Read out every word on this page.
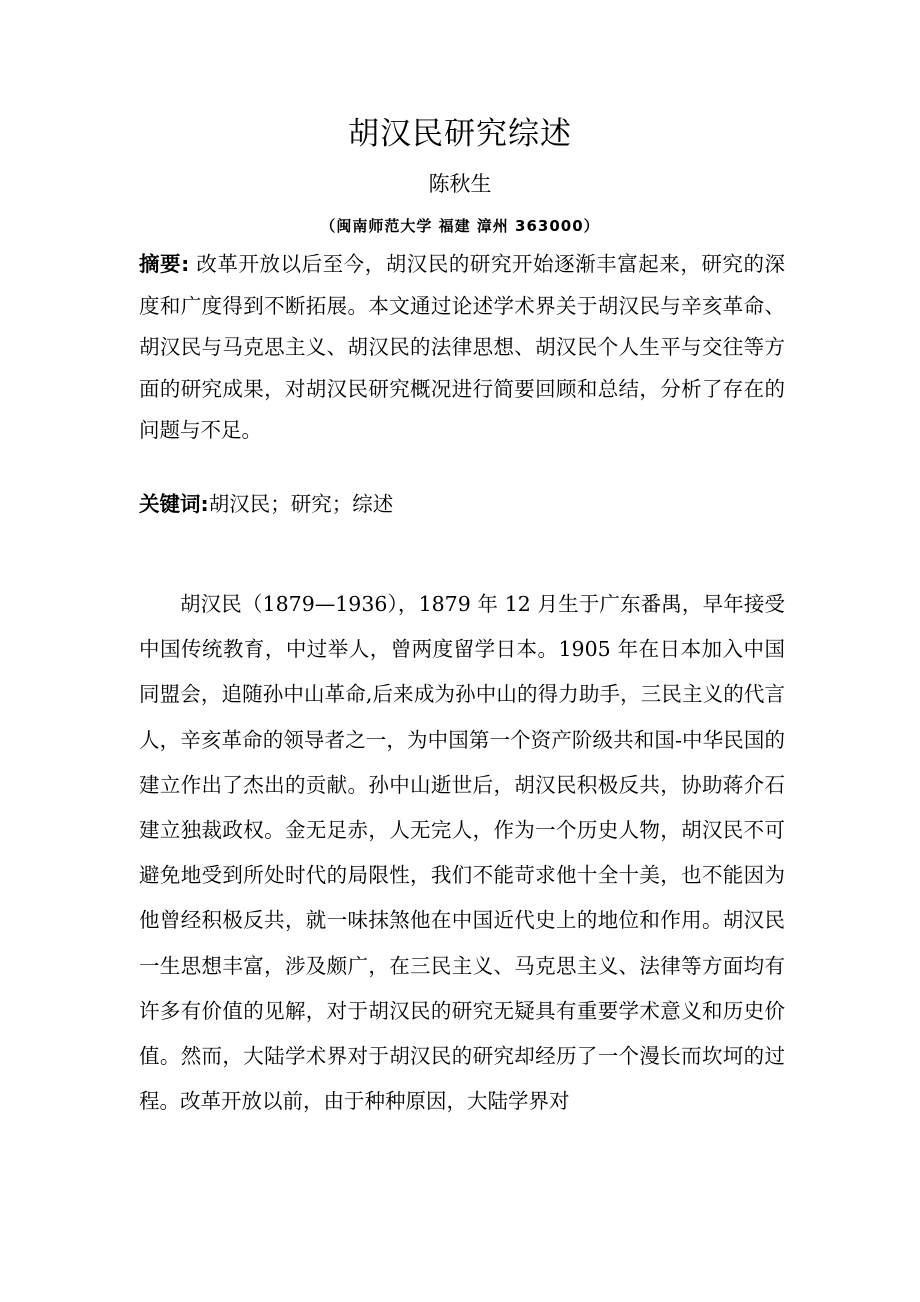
胡汉民研究综述
陈秋生
（闽南师范大学 福建 漳州 363000）

摘要: 改革开放以后至今，胡汉民的研究开始逐渐丰富起来，研究的深度和广度得到不断拓展。本文通过论述学术界关于胡汉民与辛亥革命、胡汉民与马克思主义、胡汉民的法律思想、胡汉民个人生平与交往等方面的研究成果，对胡汉民研究概况进行简要回顾和总结，分析了存在的问题与不足。

关键词:胡汉民；研究；综述

胡汉民（1879—1936），1879 年 12 月生于广东番禺，早年接受中国传统教育，中过举人，曾两度留学日本。1905 年在日本加入中国同盟会，追随孙中山革命,后来成为孙中山的得力助手，三民主义的代言人，辛亥革命的领导者之一，为中国第一个资产阶级共和国-中华民国的建立作出了杰出的贡献。孙中山逝世后，胡汉民积极反共，协助蒋介石建立独裁政权。金无足赤，人无完人，作为一个历史人物，胡汉民不可避免地受到所处时代的局限性，我们不能苛求他十全十美，也不能因为他曾经积极反共，就一味抹煞他在中国近代史上的地位和作用。胡汉民一生思想丰富，涉及颇广，在三民主义、马克思主义、法律等方面均有许多有价值的见解，对于胡汉民的研究无疑具有重要学术意义和历史价值。然而，大陆学术界对于胡汉民的研究却经历了一个漫长而坎坷的过程。改革开放以前，由于种种原因，大陆学界对
